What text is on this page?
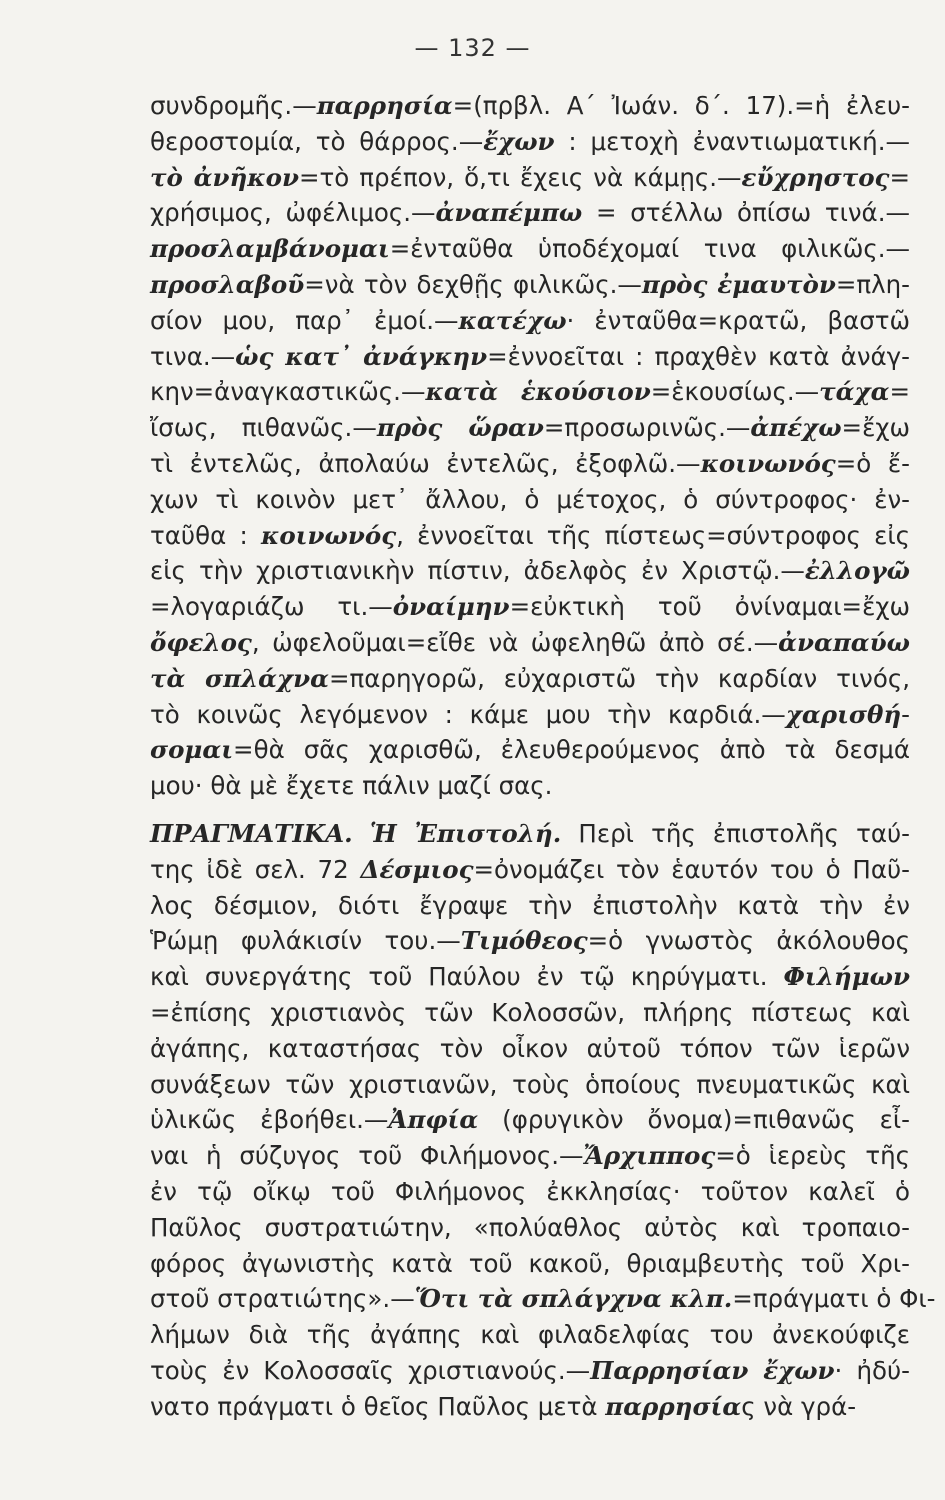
— 132 —
συνδρομῆς.—παρρησία=(πρβλ. Α΄ Ἰωάν. δ΄. 17).=ἡ ἐλευ-
θεροστομία, τὸ θάρρος.—ἔχων : μετοχὴ ἐναντιωματική.—
τὸ ἀνῆκον=τὸ πρέπον, ὅ,τι ἔχεις νὰ κάμῃς.—εὔχρηστος=
χρήσιμος, ὠφέλιμος.—ἀναπέμπω = στέλλω ὀπίσω τινά.—
προσλαμβάνομαι=ἐνταῦθα ὑποδέχομαί τινα φιλικῶς.—
προσλαβοῦ=νὰ τὸν δεχθῇς φιλικῶς.—πρὸς ἐμαυτὸν=πλη-
σίον μου, παρ᾽ ἐμοί.—κατέχω· ἐνταῦθα=κρατῶ, βαστῶ
τινα.—ὡς κατ᾽ ἀνάγκην=ἐννοεῖται : πραχθὲν κατὰ ἀνάγ-
κην=ἀναγκαστικῶς.—κατὰ ἑκούσιον=ἑκουσίως.—τάχα=
ἴσως, πιθανῶς.—πρὸς ὥραν=προσωρινῶς.—ἀπέχω=ἔχω
τὶ ἐντελῶς, ἀπολαύω ἐντελῶς, ἐξοφλῶ.—κοινωνός=ὁ ἔ-
χων τὶ κοινὸν μετ᾽ ἄλλου, ὁ μέτοχος, ὁ σύντροφος· ἐν-
ταῦθα : κοινωνός, ἐννοεῖται τῆς πίστεως=σύντροφος εἰς
εἰς τὴν χριστιανικὴν πίστιν, ἀδελφὸς ἐν Χριστῷ.—ἐλλογῶ
=λογαριάζω τι.—ὀναίμην=εὐκτικὴ τοῦ ὀνίναμαι=ἔχω
ὄφελος, ὠφελοῦμαι=εἴθε νὰ ὠφεληθῶ ἀπὸ σέ.—ἀναπαύω
τὰ σπλάχνα=παρηγορῶ, εὐχαριστῶ τὴν καρδίαν τινός,
τὸ κοινῶς λεγόμενον : κάμε μου τὴν καρδιά.—χαρισθή-
σομαι=θὰ σᾶς χαρισθῶ, ἐλευθερούμενος ἀπὸ τὰ δεσμά
μου· θὰ μὲ ἔχετε πάλιν μαζί σας.
ΠΡΑΓΜΑΤΙΚΑ. Ἡ Ἐπιστολή. Περὶ τῆς ἐπιστολῆς ταύ-
της ἰδὲ σελ. 72 Δέσμιος=ὀνομάζει τὸν ἑαυτόν του ὁ Παῦ-
λος δέσμιον, διότι ἔγραψε τὴν ἐπιστολὴν κατὰ τὴν ἐν
Ῥώμῃ φυλάκισίν του.—Τιμόθεος=ὁ γνωστὸς ἀκόλουθος
καὶ συνεργάτης τοῦ Παύλου ἐν τῷ κηρύγματι. Φιλήμων
=ἐπίσης χριστιανὸς τῶν Κολοσσῶν, πλήρης πίστεως καὶ
ἀγάπης, καταστήσας τὸν οἶκον αὐτοῦ τόπον τῶν ἱερῶν
συνάξεων τῶν χριστιανῶν, τοὺς ὁποίους πνευματικῶς καὶ
ὑλικῶς ἐβοήθει.—Ἀπφία (φρυγικὸν ὄνομα)=πιθανῶς εἶ-
ναι ἡ σύζυγος τοῦ Φιλήμονος.—Ἄρχιππος=ὁ ἱερεὺς τῆς
ἐν τῷ οἴκῳ τοῦ Φιλήμονος ἐκκλησίας· τοῦτον καλεῖ ὁ
Παῦλος συστρατιώτην, «πολύαθλος αὐτὸς καὶ τροπαιο-
φόρος ἀγωνιστὴς κατὰ τοῦ κακοῦ, θριαμβευτὴς τοῦ Χρι-
στοῦ στρατιώτης».—Ὅτι τὰ σπλάγχνα κλπ.=πράγματι ὁ Φι-
λήμων διὰ τῆς ἀγάπης καὶ φιλαδελφίας του ἀνεκούφιζε
τοὺς ἐν Κολοσσαῖς χριστιανούς.—Παρρησίαν ἔχων· ἠδύ-
νατο πράγματι ὁ θεῖος Παῦλος μετὰ παρρησίας νὰ γρά-
